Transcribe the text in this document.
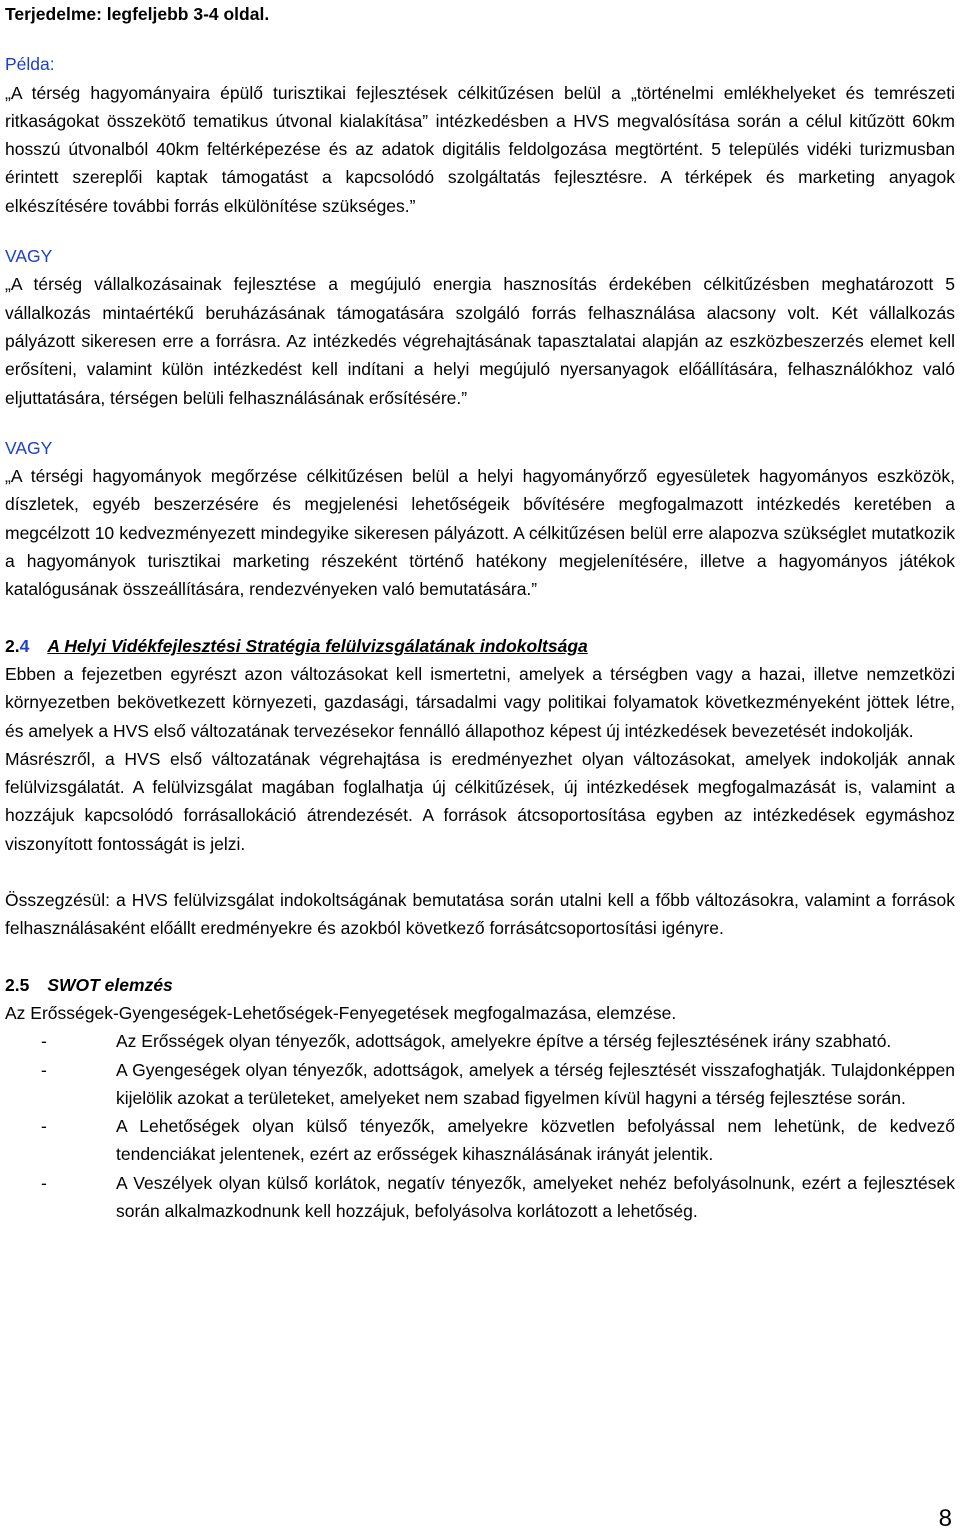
Terjedelme: legfeljebb 3-4 oldal.

Példa:

„A térség hagyományaira épülő turisztikai fejlesztések célkitűzésen belül a „történelmi emlékhelyeket és temrészeti ritkaságokat összekötő tematikus útvonal kialakítása” intézkedésben a HVS megvalósítása során a célul kitűzött 60km hosszú útvonalból 40km feltérképezése és az adatok digitális feldolgozása megtörtént. 5 település vidéki turizmusban érintett szereplői kaptak támogatást a kapcsolódó szolgáltatás fejlesztésre. A térképek és marketing anyagok elkészítésére további forrás elkülönítése szükséges.”

VAGY

„A térség vállalkozásainak fejlesztése a megújuló energia hasznosítás érdekében célkitűzésben meghatározott 5 vállalkozás mintaértékű beruházásának támogatására szolgáló forrás felhasználása alacsony volt. Két vállalkozás pályázott sikeresen erre a forrásra. Az intézkedés végrehajtásának tapasztalatai alapján az eszközbeszerzés elemet kell erősíteni, valamint külön intézkedést kell indítani a helyi megújuló nyersanyagok előállítására, felhasználókhoz való eljuttatására, térségen belüli felhasználásának erősítésére.”

VAGY

„A térségi hagyományok megőrzése célkitűzésen belül a helyi hagyományőrző egyesületek hagyományos eszközök, díszletek, egyéb beszerzésére és megjelenési lehetőségeik bővítésére megfogalmazott intézkedés keretében a megcélzott 10 kedvezményezett mindegyike sikeresen pályázott. A célkitűzésen belül erre alapozva szükséglet mutatkozik a hagyományok turisztikai marketing részeként történő hatékony megjelenítésére, illetve a hagyományos játékok katalógusának összeállítására, rendezvényeken való bemutatására.”

2.4 A Helyi Vidékfejlesztési Stratégia felülvizsgálatának indokoltsága

Ebben a fejezetben egyrészt azon változásokat kell ismertetni, amelyek a térségben vagy a hazai, illetve nemzetközi környezetben bekövetkezett környezeti, gazdasági, társadalmi vagy politikai folyamatok következményeként jöttek létre, és amelyek a HVS első változatának tervezésekor fennálló állapothoz képest új intézkedések bevezetését indokolják.

Másrészről, a HVS első változatának végrehajtása is eredményezhet olyan változásokat, amelyek indokolják annak felülvizsgálatát. A felülvizsgálat magában foglalhatja új célkitűzések, új intézkedések megfogalmazását is, valamint a hozzájuk kapcsolódó forrásallokáció átrendezését. A források átcsoportosítása egyben az intézkedések egymáshoz viszonyított fontosságát is jelzi.

Összegzésül: a HVS felülvizsgálat indokoltságának bemutatása során utalni kell a főbb változásokra, valamint a források felhasználásaként előállt eredményekre és azokból következő forrásátcsoportosítási igényre.

2.5 SWOT elemzés

Az Erősségek-Gyengeségek-Lehetőségek-Fenyegetések megfogalmazása, elemzése.

-	Az Erősségek olyan tényezők, adottságok, amelyekre építve a térség fejlesztésének irány szabható.
-	A Gyengeségek olyan tényezők, adottságok, amelyek a térség fejlesztését visszafoghatják. Tulajdonképpen kijelölik azokat a területeket, amelyeket nem szabad figyelmen kívül hagyni a térség fejlesztése során.
-	A Lehetőségek olyan külső tényezők, amelyekre közvetlen befolyással nem lehetünk, de kedvező tendenciákat jelentenek, ezért az erősségek kihasználásának irányát jelentik.
-	A Veszélyek olyan külső korlátok, negatív tényezők, amelyeket nehéz befolyásolnunk, ezért a fejlesztések során alkalmazkodnunk kell hozzájuk, befolyásolva korlátozott a lehetőség.
8
